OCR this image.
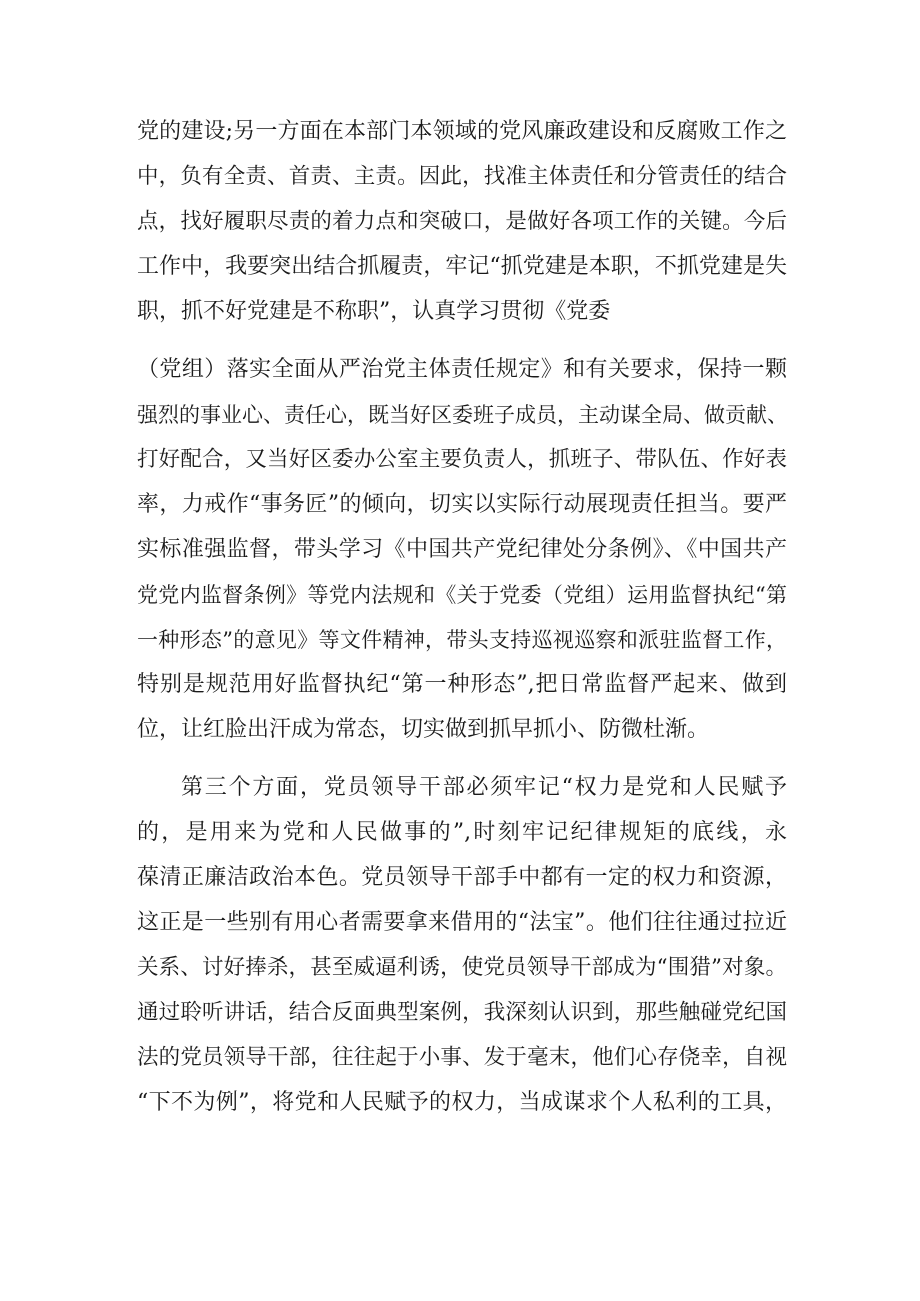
党的建设;另一方面在本部门本领域的党风廉政建设和反腐败工作之
中，负有全责、首责、主责。因此，找准主体责任和分管责任的结合
点，找好履职尽责的着力点和突破口，是做好各项工作的关键。今后
工作中，我要突出结合抓履责，牢记“抓党建是本职，不抓党建是失
职，抓不好党建是不称职”，认真学习贯彻《党委
（党组）落实全面从严治党主体责任规定》和有关要求，保持一颗
强烈的事业心、责任心，既当好区委班子成员，主动谋全局、做贡献、
打好配合，又当好区委办公室主要负责人，抓班子、带队伍、作好表
率，力戒作“事务匠”的倾向，切实以实际行动展现责任担当。要严
实标准强监督，带头学习《中国共产党纪律处分条例》、《中国共产
党党内监督条例》等党内法规和《关于党委（党组）运用监督执纪“第
一种形态”的意见》等文件精神，带头支持巡视巡察和派驻监督工作，
特别是规范用好监督执纪“第一种形态”,把日常监督严起来、做到
位，让红脸出汗成为常态，切实做到抓早抓小、防微杜渐。
第三个方面，党员领导干部必须牢记“权力是党和人民赋予
的，是用来为党和人民做事的”,时刻牢记纪律规矩的底线，永
葆清正廉洁政治本色。党员领导干部手中都有一定的权力和资源，
这正是一些别有用心者需要拿来借用的“法宝”。他们往往通过拉近
关系、讨好捧杀，甚至威逼利诱，使党员领导干部成为“围猎”对象。
通过聆听讲话，结合反面典型案例，我深刻认识到，那些触碰党纪国
法的党员领导干部，往往起于小事、发于毫末，他们心存侥幸，自视
“下不为例”，将党和人民赋予的权力，当成谋求个人私利的工具，
